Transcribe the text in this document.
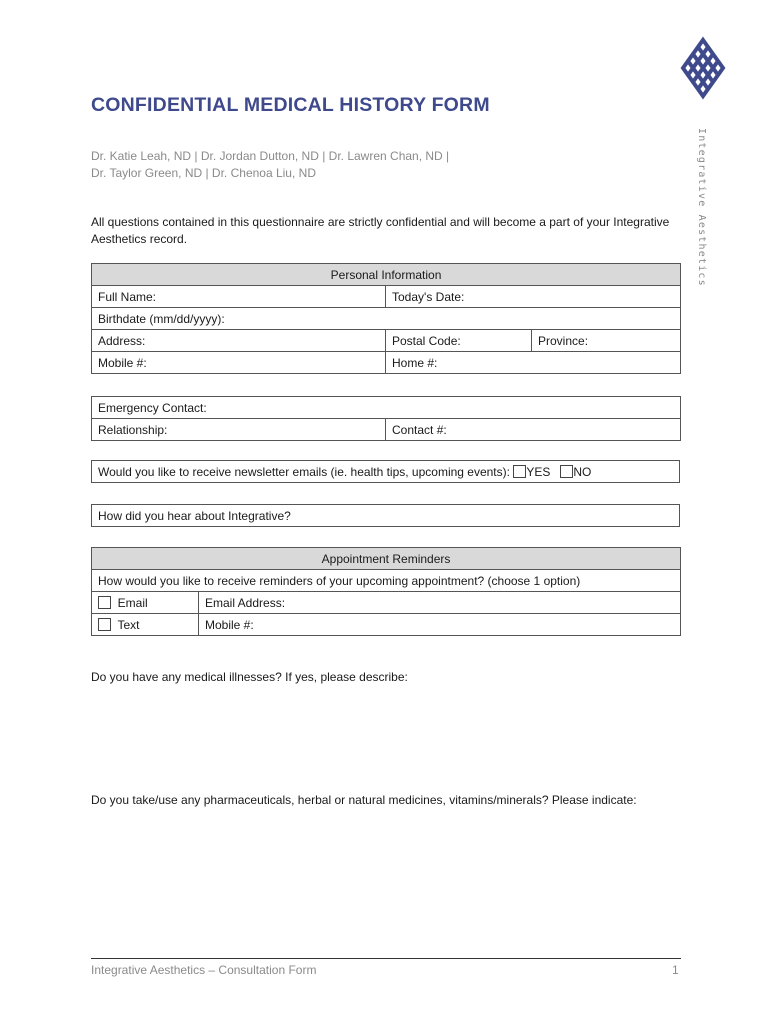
Integrative Aesthetics
CONFIDENTIAL MEDICAL HISTORY FORM
Dr. Katie Leah, ND | Dr. Jordan Dutton, ND | Dr. Lawren Chan, ND |
Dr. Taylor Green, ND | Dr. Chenoa Liu, ND
All questions contained in this questionnaire are strictly confidential and will become a part of your Integrative Aesthetics record.
Personal Information		
Full Name:	Today's Date:	
Birthdate (mm/dd/yyyy):		
Address:	Postal Code:	Province:
Mobile #:	Home #:	
Emergency Contact:
Relationship:	Contact #:
Would you like to receive newsletter emails (ie. health tips, upcoming events): YES NO
How did you hear about Integrative?
Appointment Reminders	
How would you like to receive reminders of your upcoming appointment? (choose 1 option)	
Email	Email Address:
Text	Mobile #:
Do you have any medical illnesses? If yes, please describe:
Do you take/use any pharmaceuticals, herbal or natural medicines, vitamins/minerals? Please indicate:
Integrative Aesthetics – Consultation Form	1
